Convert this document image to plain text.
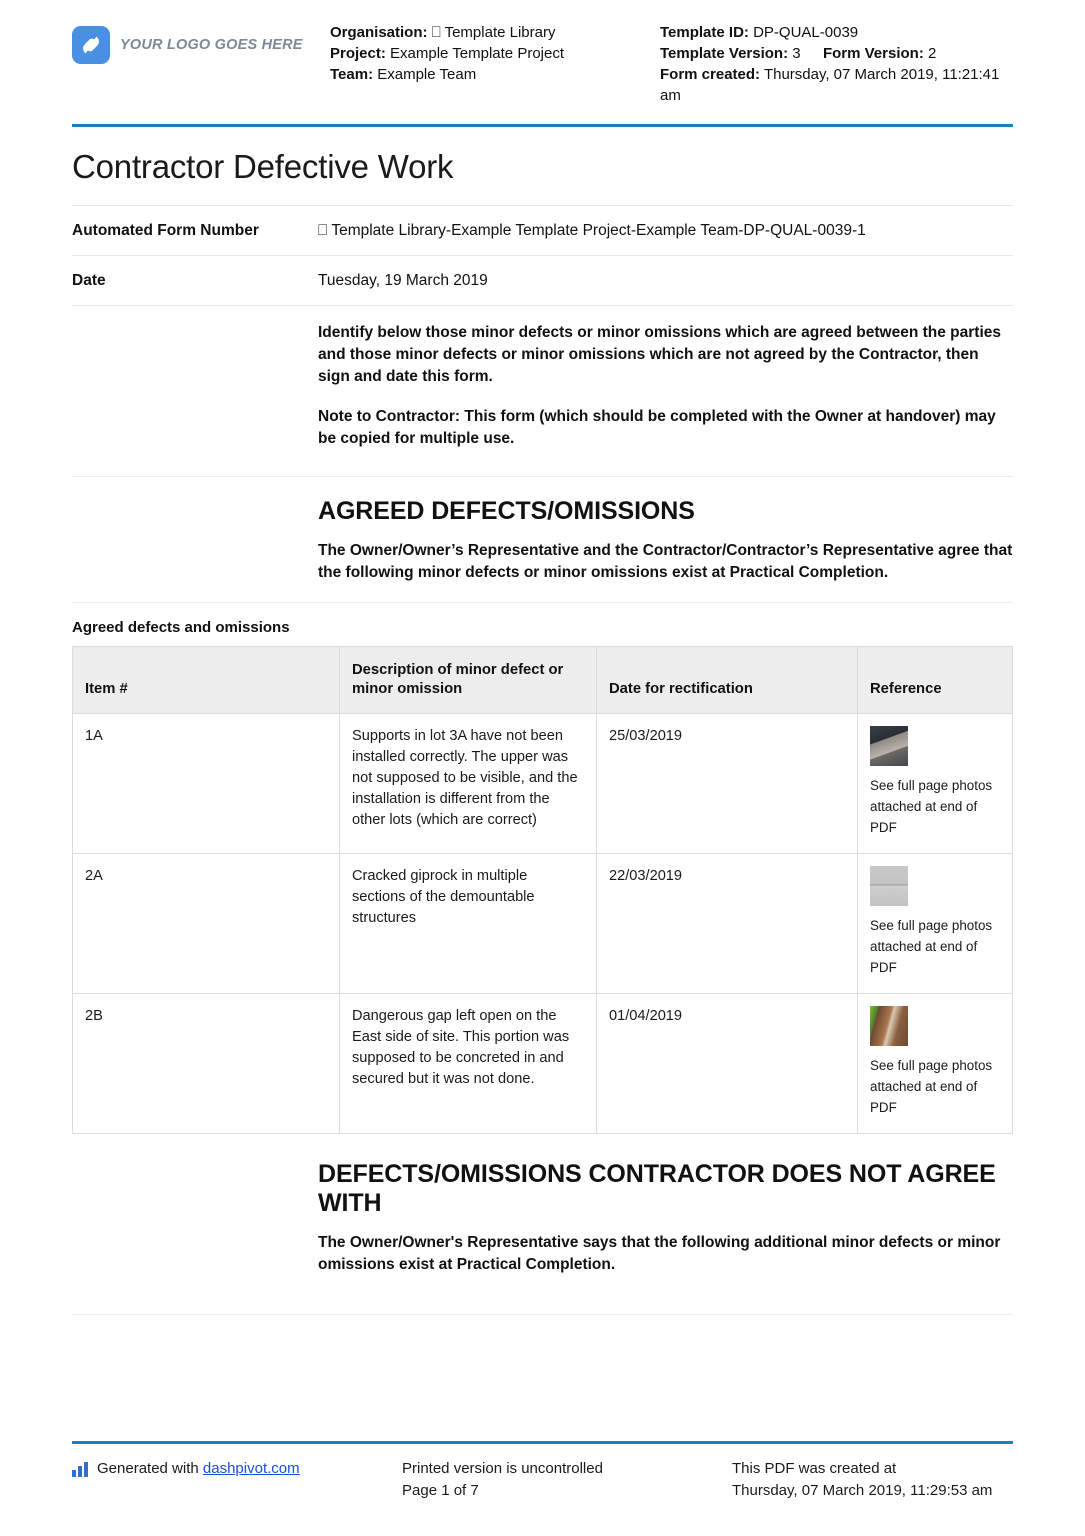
YOUR LOGO GOES HERE
Organisation: ⎕ Template Library
Project: Example Template Project
Team: Example Team
Template ID: DP-QUAL-0039
Template Version: 3 Form Version: 2
Form created: Thursday, 07 March 2019, 11:21:41 am
Contractor Defective Work
Automated Form Number	⎕ Template Library-Example Template Project-Example Team-DP-QUAL-0039-1
Date	Tuesday, 19 March 2019

Identify below those minor defects or minor omissions which are agreed between the parties and those minor defects or minor omissions which are not agreed by the Contractor, then sign and date this form.

Note to Contractor: This form (which should be completed with the Owner at handover) may be copied for multiple use.

AGREED DEFECTS/OMISSIONS

The Owner/Owner’s Representative and the Contractor/Contractor’s Representative agree that the following minor defects or minor omissions exist at Practical Completion.

Agreed defects and omissions
Item #	Description of minor defect or minor omission	Date for rectification	Reference
1A	Supports in lot 3A have not been installed correctly. The upper was not supposed to be visible, and the installation is different from the other lots (which are correct)	25/03/2019	See full page photos attached at end of PDF
2A	Cracked giprock in multiple sections of the demountable structures	22/03/2019	See full page photos attached at end of PDF
2B	Dangerous gap left open on the East side of site. This portion was supposed to be concreted in and secured but it was not done.	01/04/2019	See full page photos attached at end of PDF
DEFECTS/OMISSIONS CONTRACTOR DOES NOT AGREE WITH

The Owner/Owner's Representative says that the following additional minor defects or minor omissions exist at Practical Completion.

Generated with dashpivot.com	Printed version is uncontrolled
Page 1 of 7
This PDF was created at
Thursday, 07 March 2019, 11:29:53 am
